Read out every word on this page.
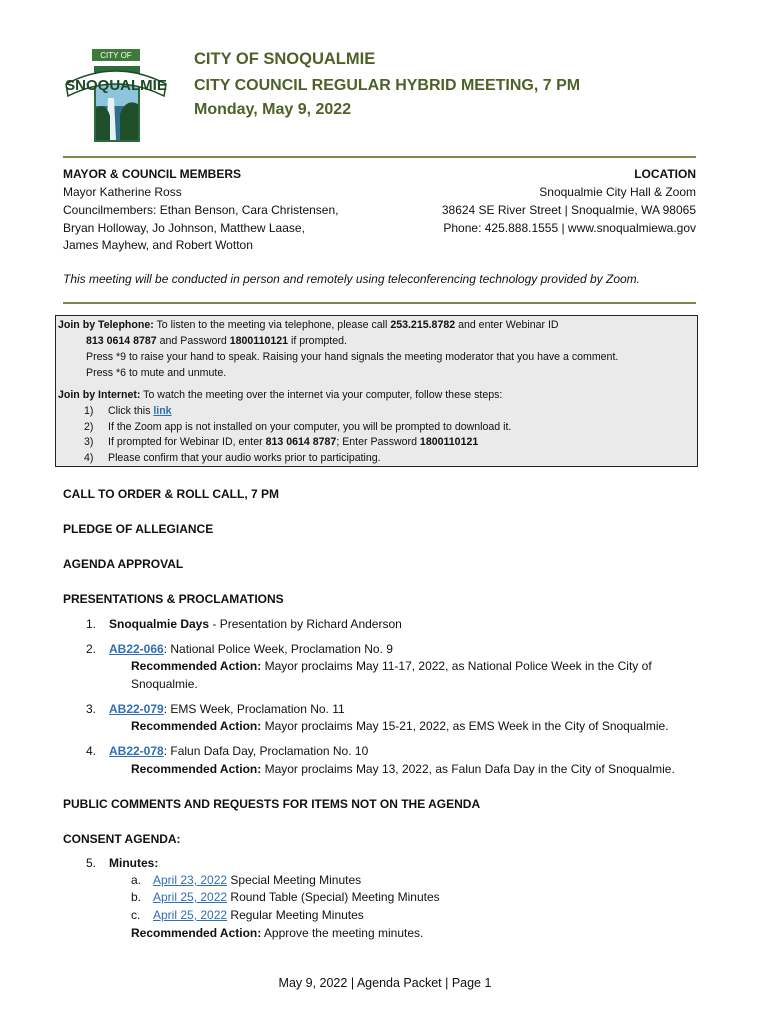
CITY OF
SNOQUALMIE
CITY OF SNOQUALMIE
CITY COUNCIL REGULAR HYBRID MEETING, 7 PM
Monday, May 9, 2022
MAYOR & COUNCIL MEMBERS
Mayor Katherine Ross
Councilmembers: Ethan Benson, Cara Christensen,
Bryan Holloway, Jo Johnson, Matthew Laase,
James Mayhew, and Robert Wotton
LOCATION
Snoqualmie City Hall & Zoom
38624 SE River Street | Snoqualmie, WA 98065
Phone: 425.888.1555 | www.snoqualmiewa.gov
This meeting will be conducted in person and remotely using teleconferencing technology provided by Zoom.
Join by Telephone: To listen to the meeting via telephone, please call 253.215.8782 and enter Webinar ID
813 0614 8787 and Password 1800110121 if prompted.
Press *9 to raise your hand to speak. Raising your hand signals the meeting moderator that you have a comment.
Press *6 to mute and unmute.
Join by Internet: To watch the meeting over the internet via your computer, follow these steps:
1) Click this link
2) If the Zoom app is not installed on your computer, you will be prompted to download it.
3) If prompted for Webinar ID, enter 813 0614 8787; Enter Password 1800110121
4) Please confirm that your audio works prior to participating.
CALL TO ORDER & ROLL CALL, 7 PM
PLEDGE OF ALLEGIANCE
AGENDA APPROVAL
PRESENTATIONS & PROCLAMATIONS
1. Snoqualmie Days - Presentation by Richard Anderson
2. AB22-066: National Police Week, Proclamation No. 9
Recommended Action: Mayor proclaims May 11-17, 2022, as National Police Week in the City of
Snoqualmie.
3. AB22-079: EMS Week, Proclamation No. 11
Recommended Action: Mayor proclaims May 15-21, 2022, as EMS Week in the City of Snoqualmie.
4. AB22-078: Falun Dafa Day, Proclamation No. 10
Recommended Action: Mayor proclaims May 13, 2022, as Falun Dafa Day in the City of Snoqualmie.
PUBLIC COMMENTS AND REQUESTS FOR ITEMS NOT ON THE AGENDA
CONSENT AGENDA:
5. Minutes:
a. April 23, 2022 Special Meeting Minutes
b. April 25, 2022 Round Table (Special) Meeting Minutes
c. April 25, 2022 Regular Meeting Minutes
Recommended Action: Approve the meeting minutes.
May 9, 2022 | Agenda Packet | Page 1
